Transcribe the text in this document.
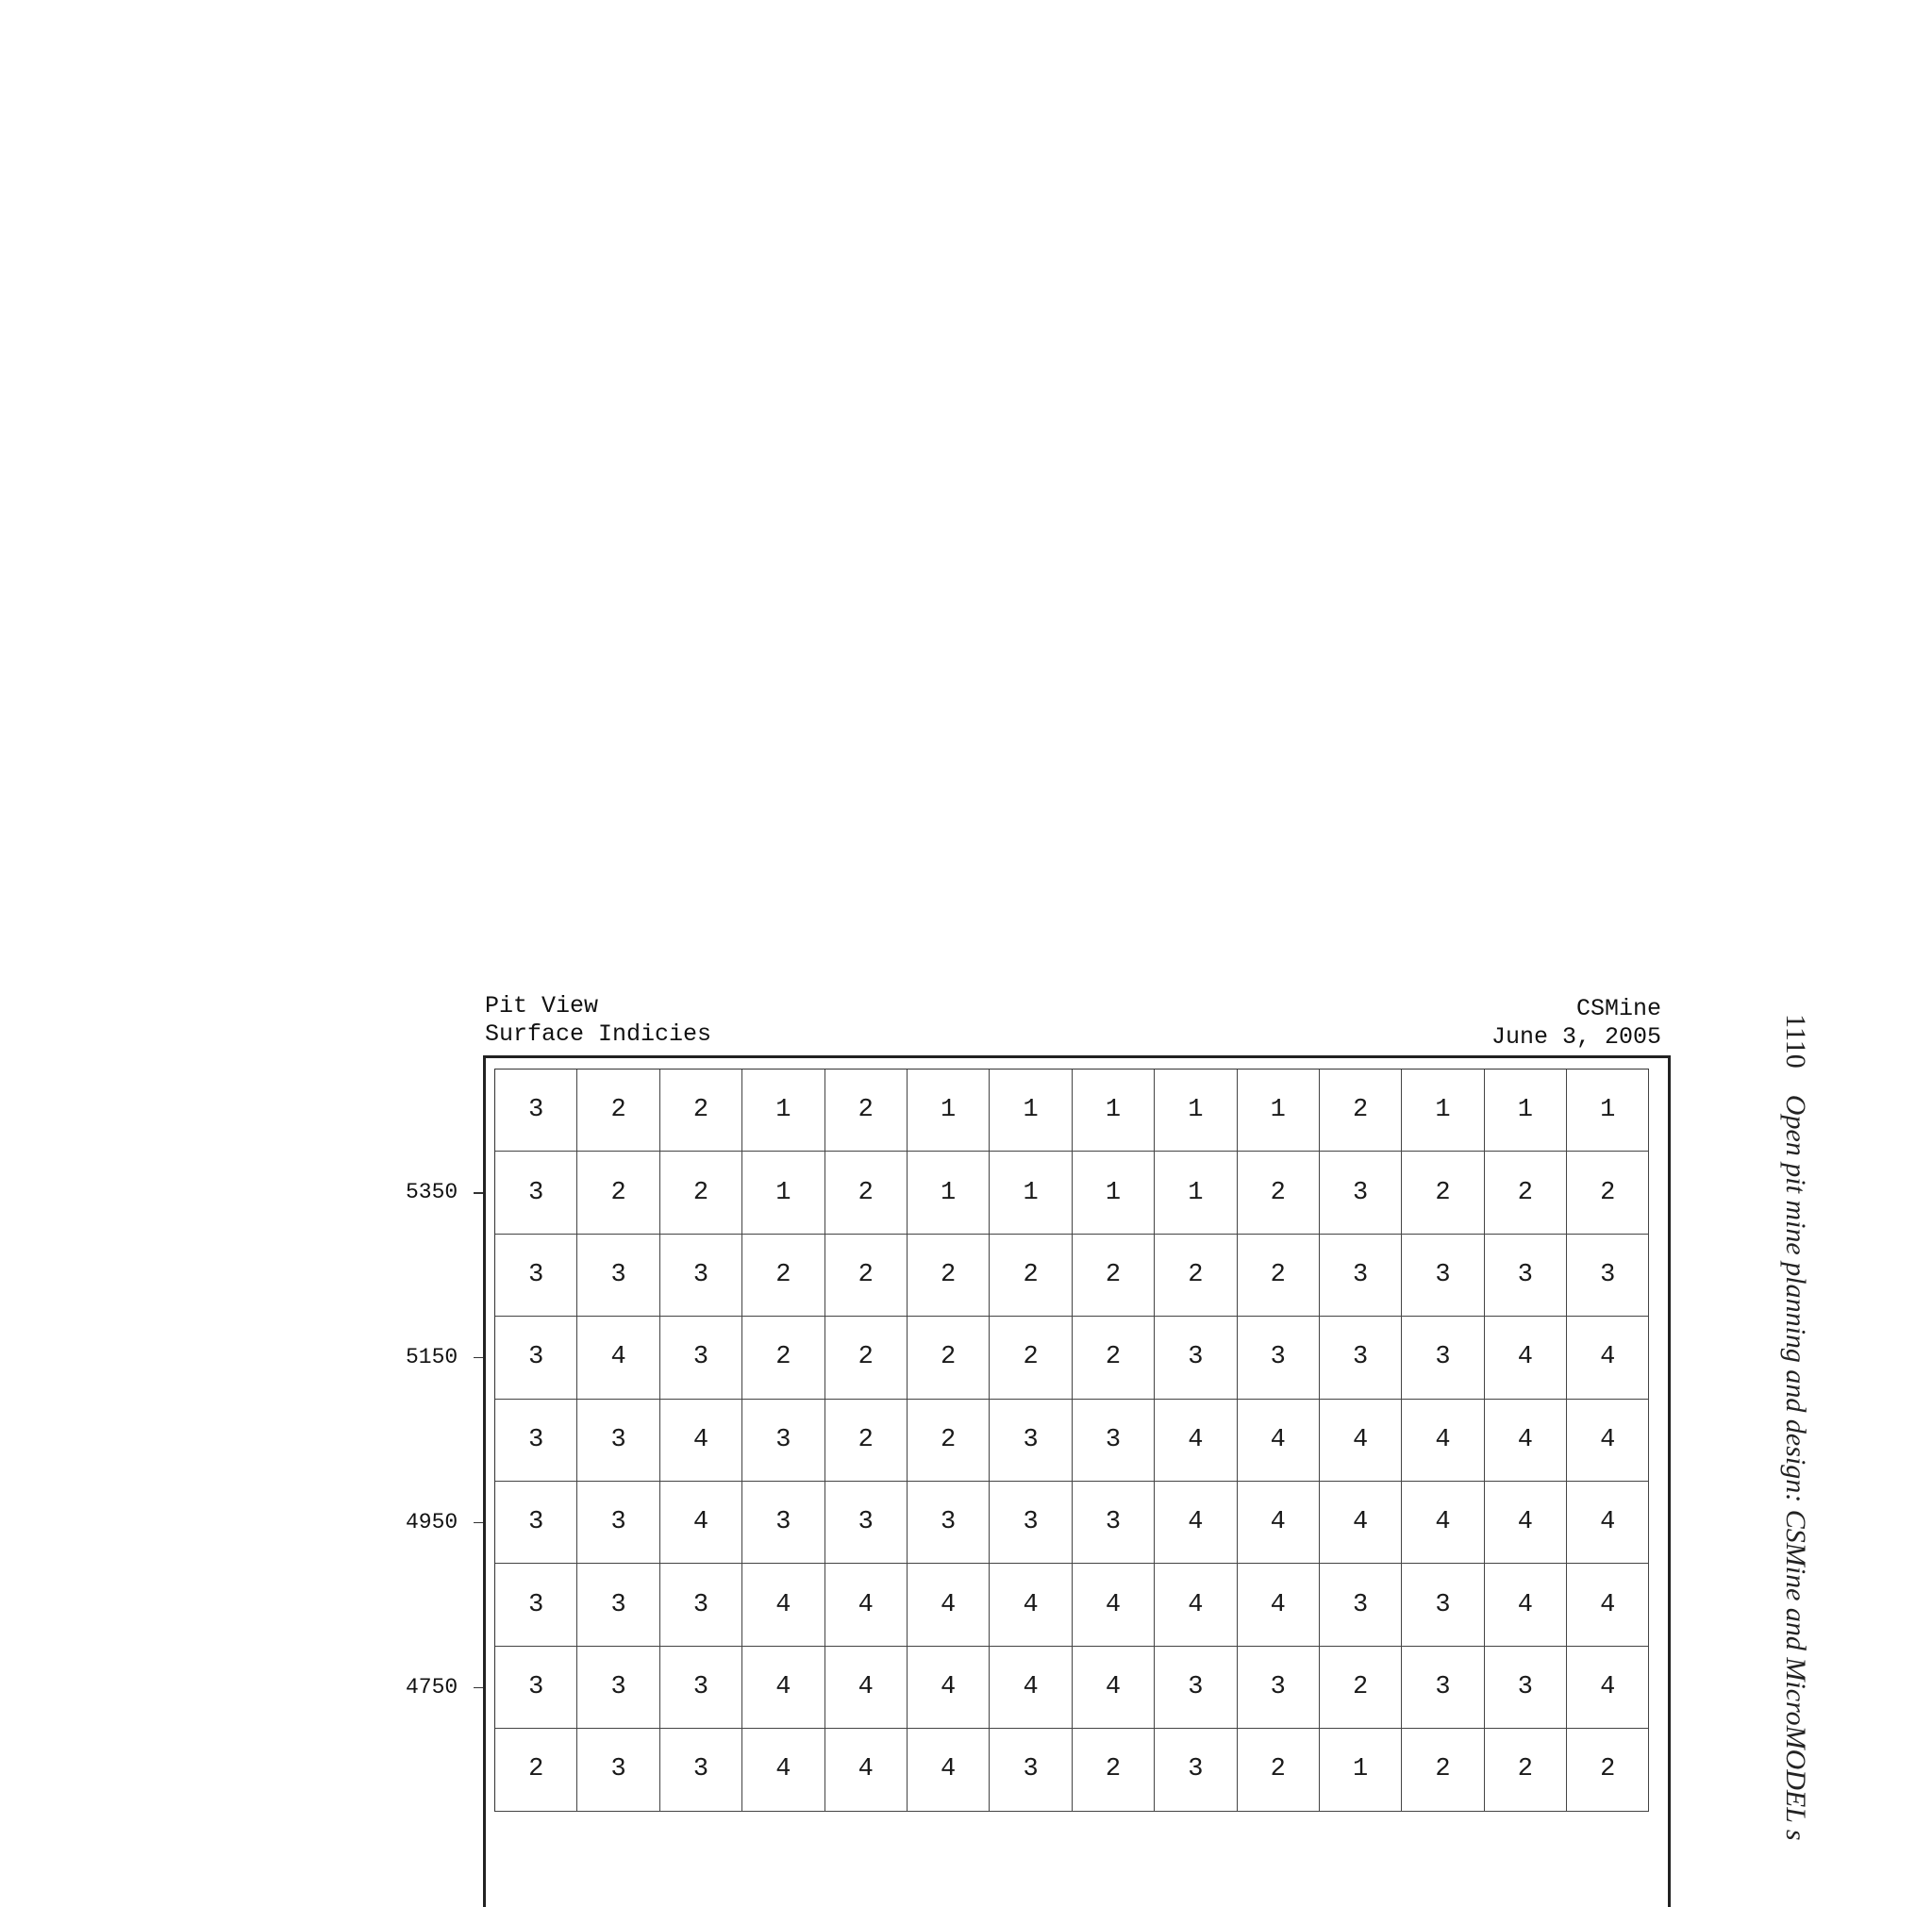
Pit View
Surface Indicies
CSMine
June 3, 2005
3	2	2	1	2	1	1	1	1	1	2	1	1	1
3	2	2	1	2	1	1	1	1	2	3	2	2	2
3	3	3	2	2	2	2	2	2	2	3	3	3	3
3	4	3	2	2	2	2	2	3	3	3	3	4	4
3	3	4	3	2	2	3	3	4	4	4	4	4	4
3	3	4	3	3	3	3	3	4	4	4	4	4	4
3	3	3	4	4	4	4	4	4	4	3	3	4	4
3	3	3	4	4	4	4	4	3	3	2	3	3	4
2	3	3	4	4	4	3	2	3	2	1	2	2	2
5350
5150
4950
4750
1110Open pit mine planning and design: CSMine and MicroMODEL s
